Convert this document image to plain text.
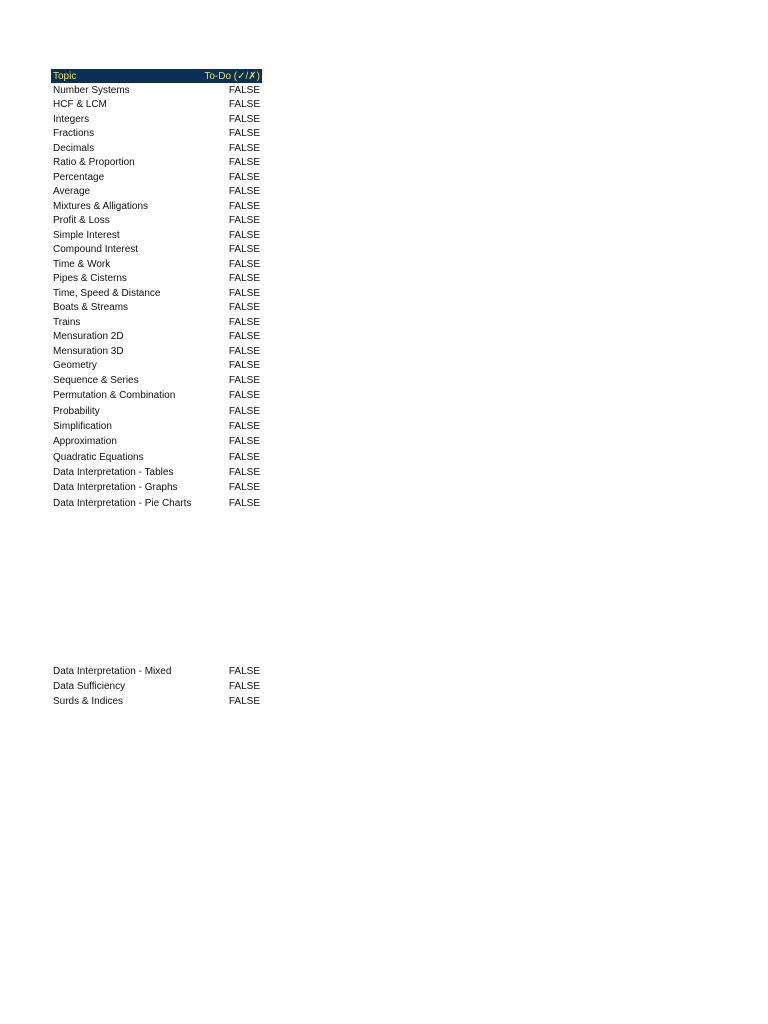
Topic	To-Do (✓/✗)
Number Systems	FALSE
HCF & LCM	FALSE
Integers	FALSE
Fractions	FALSE
Decimals	FALSE
Ratio & Proportion	FALSE
Percentage	FALSE
Average	FALSE
Mixtures & Alligations	FALSE
Profit & Loss	FALSE
Simple Interest	FALSE
Compound Interest	FALSE
Time & Work	FALSE
Pipes & Cisterns	FALSE
Time, Speed & Distance	FALSE
Boats & Streams	FALSE
Trains	FALSE
Mensuration 2D	FALSE
Mensuration 3D	FALSE
Geometry	FALSE
Sequence & Series	FALSE
Permutation & Combination	FALSE
Probability	FALSE
Simplification	FALSE
Approximation	FALSE
Quadratic Equations	FALSE
Data Interpretation - Tables	FALSE
Data Interpretation - Graphs	FALSE
Data Interpretation - Pie Charts	FALSE
Data Interpretation - Mixed	FALSE
Data Sufficiency	FALSE
Surds & Indices	FALSE
